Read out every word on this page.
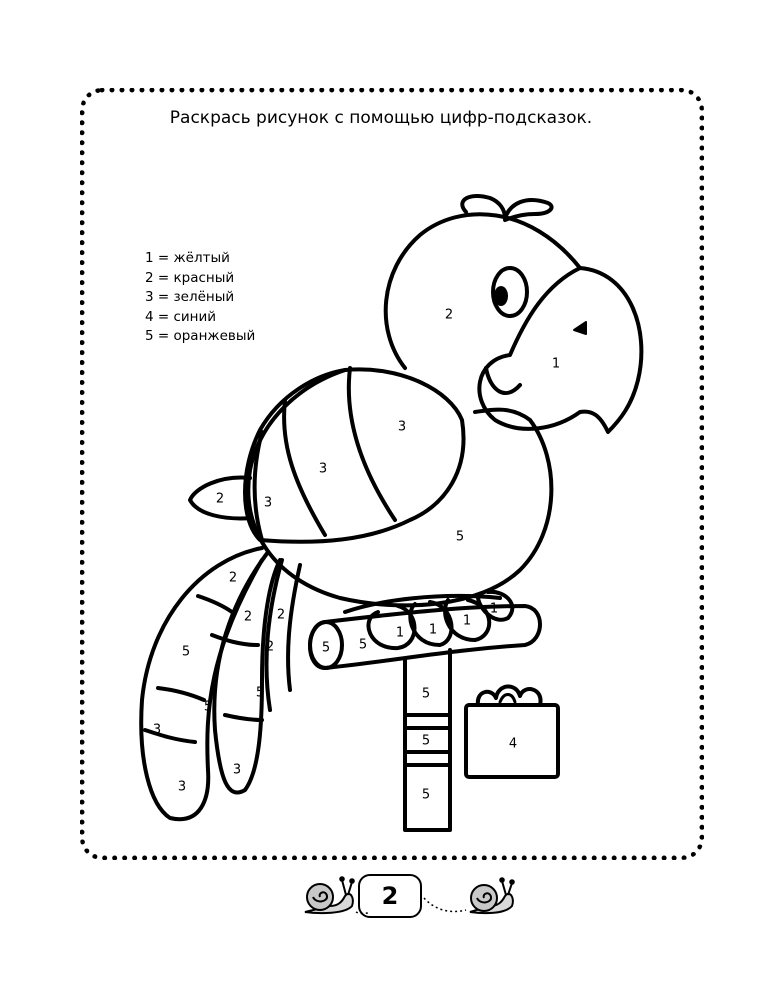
Раскрась рисунок с помощью цифр-подсказок.
1 = жёлтый
2 = красный
3 = зелёный
4 = синий
5 = оранжевый
2
1
3
3
3
2
5
2
5
3
2
5
3
2
5
3
2	5 5
1 1
1
1
5
5
5
4
2
